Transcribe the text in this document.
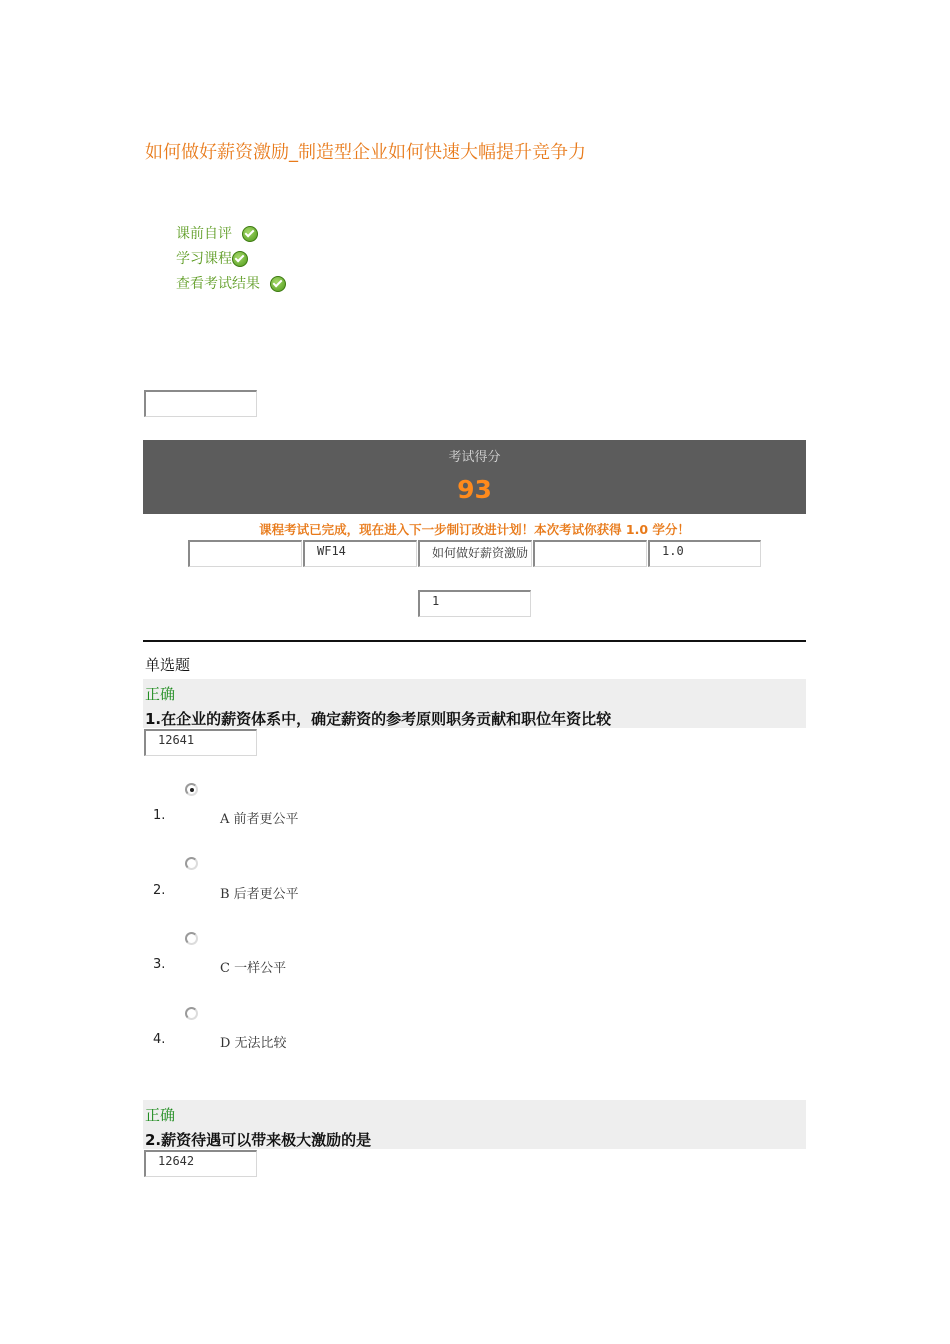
如何做好薪资激励_制造型企业如何快速大幅提升竞争力
课前自评
学习课程
查看考试结果
考试得分
93
课程考试已完成，现在进入下一步制订改进计划！本次考试你获得 1.0 学分！
WF14	如何做好薪资激励	1.0
1
单选题
正确
1.在企业的薪资体系中，确定薪资的参考原则职务贡献和职位年资比较
12641
1.	A 前者更公平
2.	B 后者更公平
3.	C 一样公平
4.	D 无法比较
正确
2.薪资待遇可以带来极大激励的是
12642
